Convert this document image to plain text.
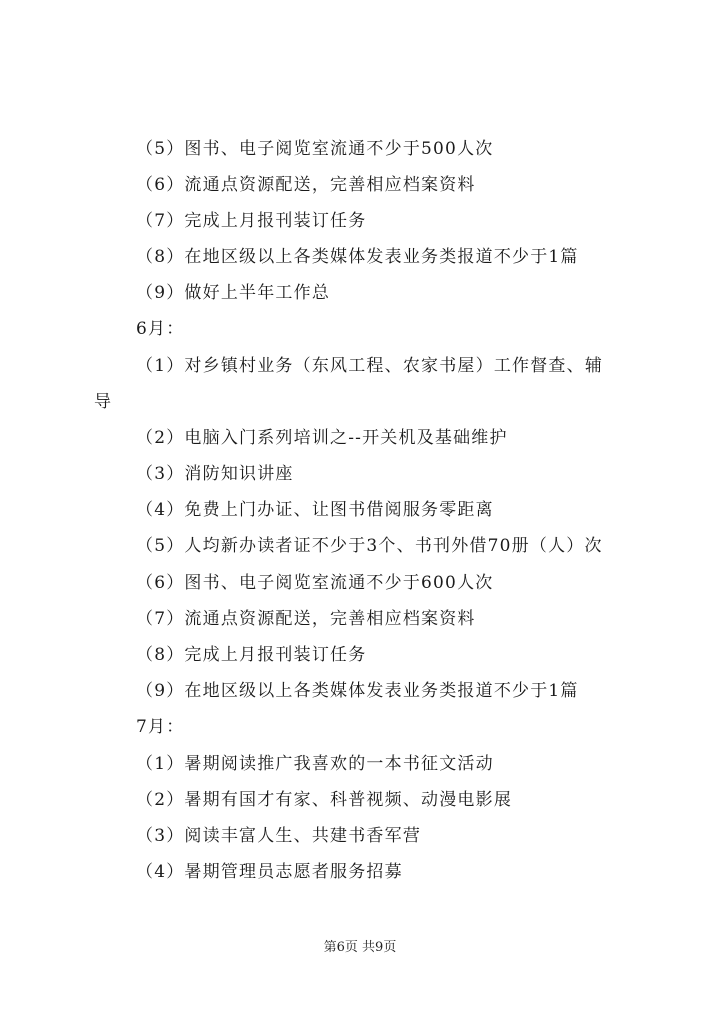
（5）图书、电子阅览室流通不少于500人次
（6）流通点资源配送，完善相应档案资料
（7）完成上月报刊装订任务
（8）在地区级以上各类媒体发表业务类报道不少于1篇
（9）做好上半年工作总
6月：
（1）对乡镇村业务（东风工程、农家书屋）工作督查、辅
导
（2）电脑入门系列培训之--开关机及基础维护
（3）消防知识讲座
（4）免费上门办证、让图书借阅服务零距离
（5）人均新办读者证不少于3个、书刊外借70册（人）次
（6）图书、电子阅览室流通不少于600人次
（7）流通点资源配送，完善相应档案资料
（8）完成上月报刊装订任务
（9）在地区级以上各类媒体发表业务类报道不少于1篇
7月：
（1）暑期阅读推广我喜欢的一本书征文活动
（2）暑期有国才有家、科普视频、动漫电影展
（3）阅读丰富人生、共建书香军营
（4）暑期管理员志愿者服务招募
第6页 共9页
